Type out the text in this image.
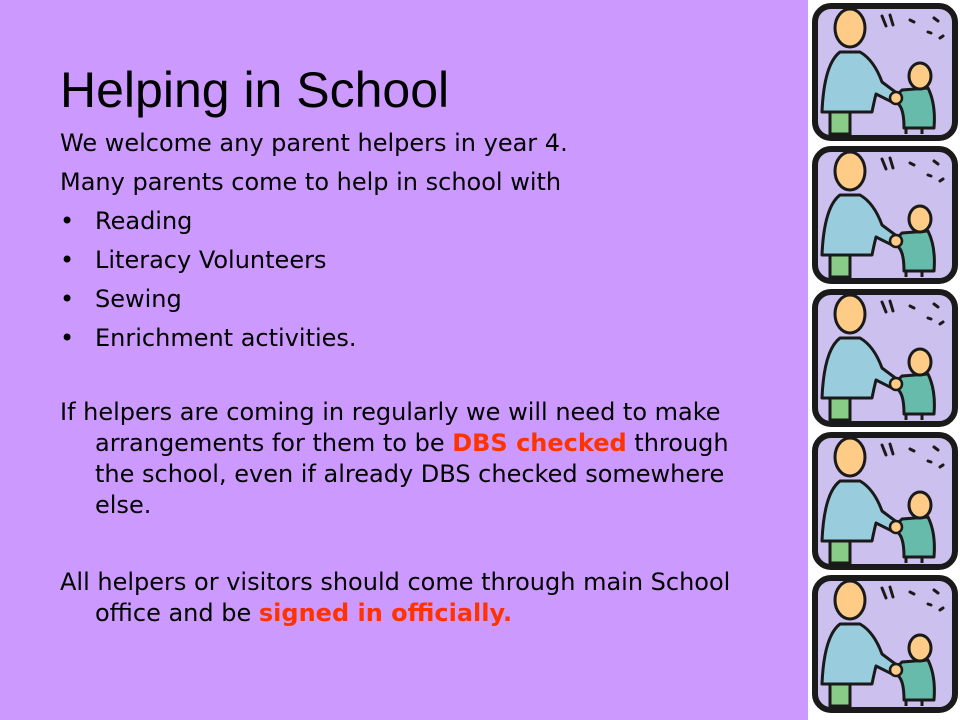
Helping in School
We welcome any parent helpers in year 4.
Many parents come to help in school with
• Reading
• Literacy Volunteers
• Sewing
• Enrichment activities.

If helpers are coming in regularly we will need to make arrangements for them to be DBS checked through the school, even if already DBS checked somewhere else.

All helpers or visitors should come through main School office and be signed in officially.
